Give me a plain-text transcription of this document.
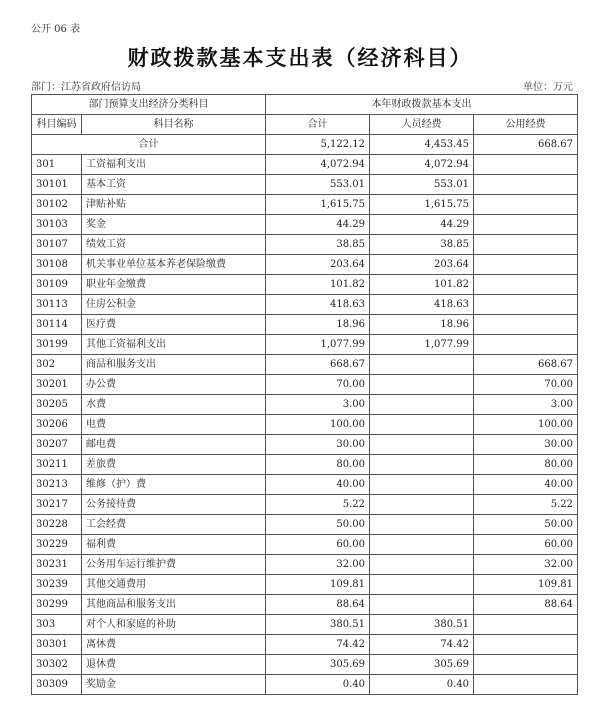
公开 06 表
财政拨款基本支出表（经济科目）
部门：江苏省政府信访局	单位：万元
部门预算支出经济分类科目		本年财政拨款基本支出		
科目编码	科目名称	合计	人员经费	公用经费
合计		5,122.12	4,453.45	668.67
301	工资福利支出	4,072.94	4,072.94	
30101	基本工资	553.01	553.01	
30102	津贴补贴	1,615.75	1,615.75	
30103	奖金	44.29	44.29	
30107	绩效工资	38.85	38.85	
30108	机关事业单位基本养老保险缴费	203.64	203.64	
30109	职业年金缴费	101.82	101.82	
30113	住房公积金	418.63	418.63	
30114	医疗费	18.96	18.96	
30199	其他工资福利支出	1,077.99	1,077.99	
302	商品和服务支出	668.67		668.67
30201	办公费	70.00		70.00
30205	水费	3.00		3.00
30206	电费	100.00		100.00
30207	邮电费	30.00		30.00
30211	差旅费	80.00		80.00
30213	维修（护）费	40.00		40.00
30217	公务接待费	5.22		5.22
30228	工会经费	50.00		50.00
30229	福利费	60.00		60.00
30231	公务用车运行维护费	32.00		32.00
30239	其他交通费用	109.81		109.81
30299	其他商品和服务支出	88.64		88.64
303	对个人和家庭的补助	380.51	380.51	
30301	离休费	74.42	74.42	
30302	退休费	305.69	305.69	
30309	奖励金	0.40	0.40	
